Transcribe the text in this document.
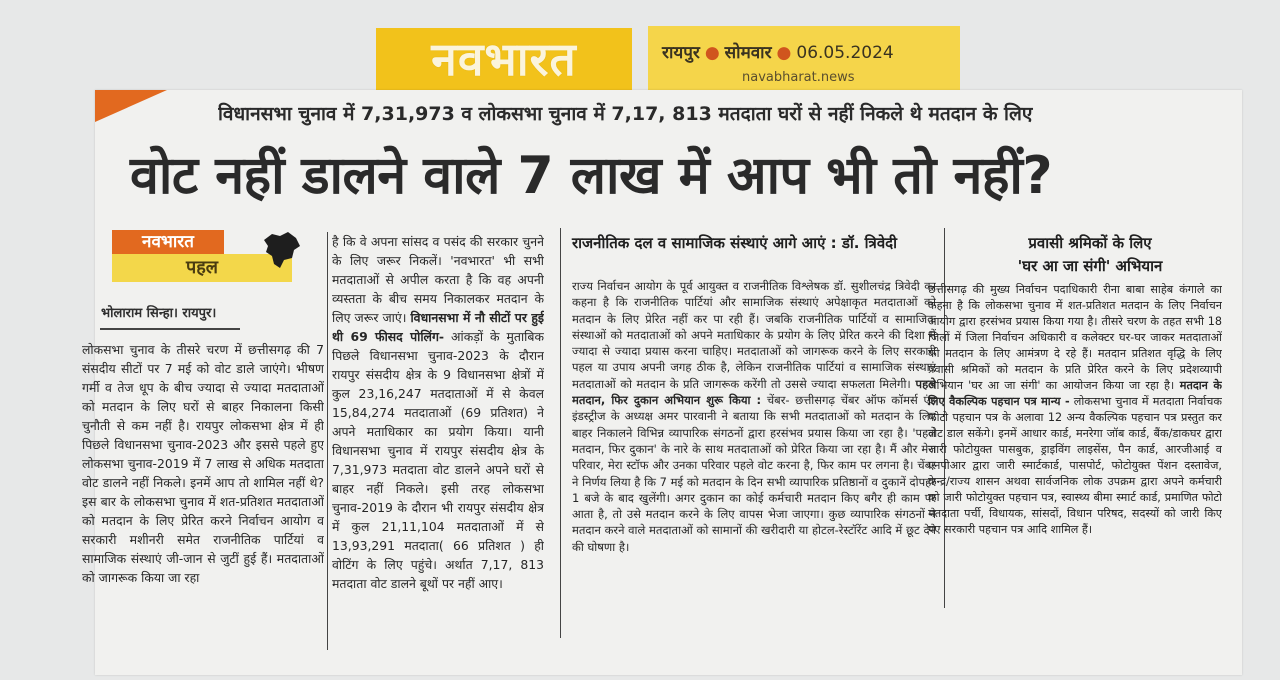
नवभारत	रायपुर ● सोमवार ● 06.05.2024
navabharat.news
विधानसभा चुनाव में 7,31,973 व लोकसभा चुनाव में 7,17, 813 मतदाता घरों से नहीं निकले थे मतदान के लिए
वोट नहीं डालने वाले 7 लाख में आप भी तो नहीं?
नवभारत
पहल
भोलाराम सिन्हा। रायपुर।

लोकसभा चुनाव के तीसरे चरण में छत्तीसगढ़ की 7 संसदीय सीटों पर 7 मई को वोट डाले जाएंगे। भीषण गर्मी व तेज धूप के बीच ज्यादा से ज्यादा मतदाताओं को मतदान के लिए घरों से बाहर निकालना किसी चुनौती से कम नहीं है। रायपुर लोकसभा क्षेत्र में ही पिछले विधानसभा चुनाव-2023 और इससे पहले हुए लोकसभा चुनाव-2019 में 7 लाख से अधिक मतदाता वोट डालने नहीं निकले। इनमें आप तो शामिल नहीं थे? इस बार के लोकसभा चुनाव में शत-प्रतिशत मतदाताओं को मतदान के लिए प्रेरित करने निर्वाचन आयोग व सरकारी मशीनरी समेत राजनीतिक पार्टियां व सामाजिक संस्थाएं जी-जान से जुटीं हुई हैं। मतदाताओं को जागरूक किया जा रहा

है कि वे अपना सांसद व पसंद की सरकार चुनने के लिए जरूर निकलें। 'नवभारत' भी सभी मतदाताओं से अपील करता है कि वह अपनी व्यस्तता के बीच समय निकालकर मतदान के लिए जरूर जाएं। विधानसभा में नौ सीटों पर हुई थी 69 फीसद पोलिंग- आंकड़ों के मुताबिक पिछले विधानसभा चुनाव-2023 के दौरान रायपुर संसदीय क्षेत्र के 9 विधानसभा क्षेत्रों में कुल 23,16,247 मतदाताओं में से केवल 15,84,274 मतदाताओं (69 प्रतिशत) ने अपने मताधिकार का प्रयोग किया। यानी विधानसभा चुनाव में रायपुर संसदीय क्षेत्र के 7,31,973 मतदाता वोट डालने अपने घरों से बाहर नहीं निकले। इसी तरह लोकसभा चुनाव-2019 के दौरान भी रायपुर संसदीय क्षेत्र में कुल 21,11,104 मतदाताओं में से 13,93,291 मतदाता( 66 प्रतिशत ) ही वोटिंग के लिए पहुंचे। अर्थात 7,17, 813 मतदाता वोट डालने बूथों पर नहीं आए।

राजनीतिक दल व सामाजिक संस्थाएं आगे आएं : डॉ. त्रिवेदी

राज्य निर्वाचन आयोग के पूर्व आयुक्त व राजनीतिक विश्लेषक डॉ. सुशीलचंद्र त्रिवेदी का कहना है कि राजनीतिक पार्टियां और सामाजिक संस्थाएं अपेक्षाकृत मतदाताओं को मतदान के लिए प्रेरित नहीं कर पा रही हैं। जबकि राजनीतिक पार्टियों व सामाजिक संस्थाओं को मतदाताओं को अपने मताधिकार के प्रयोग के लिए प्रेरित करने की दिशा में ज्यादा से ज्यादा प्रयास करना चाहिए। मतदाताओं को जागरूक करने के लिए सरकारी पहल या उपाय अपनी जगह ठीक है, लेकिन राजनीतिक पार्टियां व सामाजिक संस्थाएं मतदाताओं को मतदान के प्रति जागरूक करेंगी तो उससे ज्यादा सफलता मिलेगी। पहले मतदान, फिर दुकान अभियान शुरू किया : चेंबर- छत्तीसगढ़ चेंबर ऑफ कॉमर्स एंड इंडस्ट्रीज के अध्यक्ष अमर पारवानी ने बताया कि सभी मतदाताओं को मतदान के लिए बाहर निकालने विभिन्न व्यापारिक संगठनों द्वारा हरसंभव प्रयास किया जा रहा है। 'पहले मतदान, फिर दुकान' के नारे के साथ मतदाताओं को प्रेरित किया जा रहा है। मैं और मेरा परिवार, मेरा स्टॉफ और उनका परिवार पहले वोट करना है, फिर काम पर लगना है। चेंबर ने निर्णय लिया है कि 7 मई को मतदान के दिन सभी व्यापारिक प्रतिष्ठानों व दुकानें दोपहर 1 बजे के बाद खुलेंगी। अगर दुकान का कोई कर्मचारी मतदान किए बगैर ही काम पर आता है, तो उसे मतदान करने के लिए वापस भेजा जाएगा। कुछ व्यापारिक संगठनों ने मतदान करने वाले मतदाताओं को सामानों की खरीदारी या होटल-रेस्टॉरेंट आदि में छूट देने की घोषणा है।

प्रवासी श्रमिकों के लिए
'घर आ जा संगी' अभियान

छत्तीसगढ़ की मुख्य निर्वाचन पदाधिकारी रीना बाबा साहेब कंगाले का कहना है कि लोकसभा चुनाव में शत-प्रतिशत मतदान के लिए निर्वाचन आयोग द्वारा हरसंभव प्रयास किया गया है। तीसरे चरण के तहत सभी 18 जिलों में जिला निर्वाचन अधिकारी व कलेक्टर घर-घर जाकर मतदाताओं को मतदान के लिए आमंत्रण दे रहे हैं। मतदान प्रतिशत वृद्धि के लिए प्रवासी श्रमिकों को मतदान के प्रति प्रेरित करने के लिए प्रदेशव्यापी अभियान 'घर आ जा संगी' का आयोजन किया जा रहा है। मतदान के लिए वैकल्पिक पहचान पत्र मान्य - लोकसभा चुनाव में मतदाता निर्वाचक फोटो पहचान पत्र के अलावा 12 अन्य वैकल्पिक पहचान पत्र प्रस्तुत कर वोट डाल सकेंगे। इनमें आधार कार्ड, मनरेगा जॉब कार्ड, बैंक/डाकघर द्वारा जारी फोटोयुक्त पासबुक, ड्राइविंग लाइसेंस, पैन कार्ड, आरजीआई व एनपीआर द्वारा जारी स्मार्टकार्ड, पासपोर्ट, फोटोयुक्त पेंशन दस्तावेज, केन्द्र/राज्य शासन अथवा सार्वजनिक लोक उपक्रम द्वारा अपने कर्मचारी को जारी फोटोयुक्त पहचान पत्र, स्वास्थ्य बीमा स्मार्ट कार्ड, प्रमाणित फोटो मतदाता पर्ची, विधायक, सांसदों, विधान परिषद, सदस्यों को जारी किए गए सरकारी पहचान पत्र आदि शामिल हैं।
